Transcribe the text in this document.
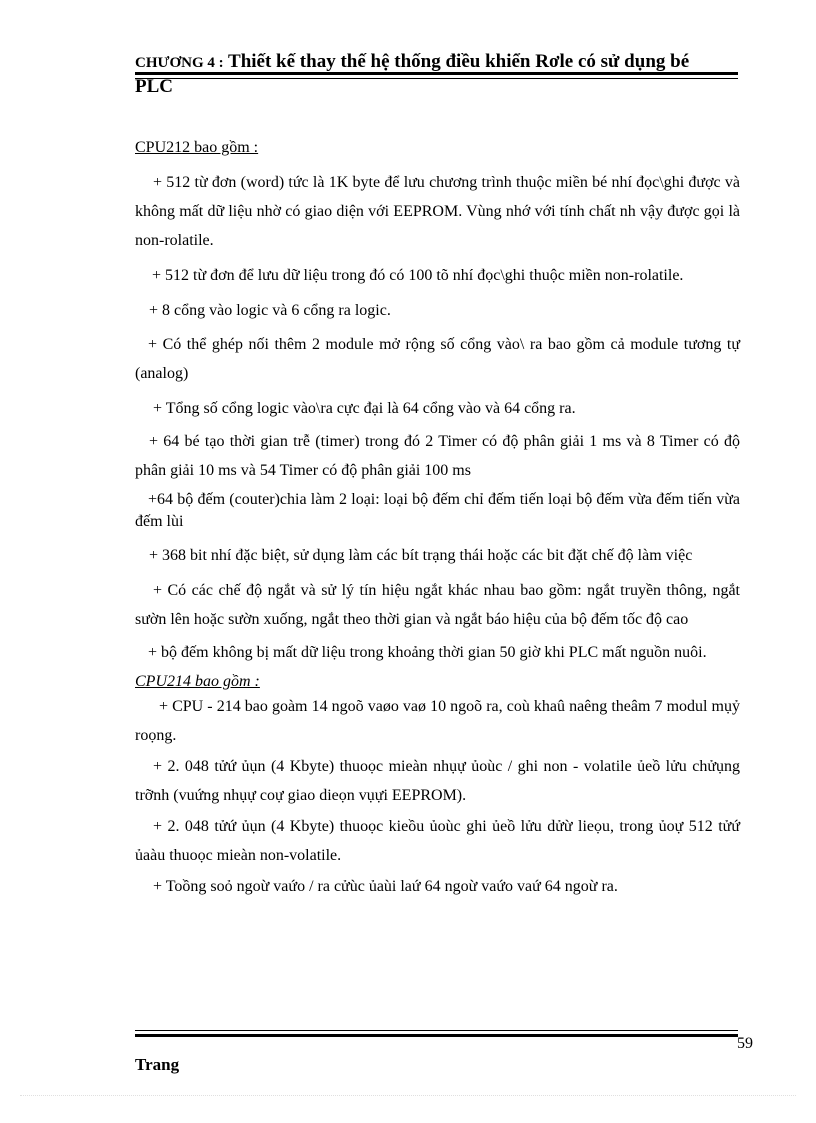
CHƯƠNG 4 : Thiết kế thay thế hệ thống điều khiển Rơle có sử dụng bé PLC

CPU212 bao gồm :

+ 512 từ đơn (word) tức là 1K byte để lưu chương trình thuộc miền bé nhí đọc\ghi được và không mất dữ liệu nhờ có giao diện với EEPROM. Vùng nhớ với tính chất nh vậy được gọi là non-rolatile.

+ 512 từ đơn để lưu dữ liệu trong đó có 100 tõ nhí đọc\ghi thuộc miền non-rolatile.

+ 8 cổng vào logic và 6 cổng ra logic.

+ Có thể ghép nối thêm 2 module mở rộng số cổng vào\ ra bao gồm cả module tương tự (analog)

+ Tổng số cổng logic vào\ra cực đại là 64 cổng vào và 64 cổng ra.

+ 64 bé tạo thời gian trễ (timer) trong đó 2 Timer có độ phân giải 1 ms và 8 Timer có độ phân giải 10 ms và 54 Timer có độ phân giải 100 ms

+64 bộ đếm (couter)chia làm 2 loại: loại bộ đếm chỉ đếm tiến loại bộ đếm vừa đếm tiến vừa đếm lùi

+ 368 bit nhí đặc biệt, sử dụng làm các bít trạng thái hoặc các bit đặt chế độ làm việc

+ Có các chế độ ngắt và sử lý tín hiệu ngắt khác nhau bao gồm: ngắt truyền thông, ngắt sườn lên hoặc sườn xuống, ngắt theo thời gian và ngắt báo hiệu của bộ đếm tốc độ cao

+ bộ đếm không bị mất dữ liệu trong khoảng thời gian 50 giờ khi PLC mất nguồn nuôi.

CPU214 bao gồm :

+ CPU - 214 bao goàm 14 ngoõ vaøo vaø 10 ngoõ ra, coù khaû naêng theâm 7 modul mụỷ roọng.

+ 2. 048 tửứ ủụn (4 Kbyte) thuoọc mieàn nhụự ủoùc / ghi non - volatile ủeồ lửu chửụng trỡnh (vuứng nhụự coự giao dieọn vụựi EEPROM).

+ 2. 048 tửứ ủụn (4 Kbyte) thuoọc kieồu ủoùc ghi ủeồ lửu dửừ lieọu, trong ủoự 512 tửứ ủaàu thuoọc mieàn non-volatile.

+ Toồng soỏ ngoừ vaứo / ra cửùc ủaùi laứ 64 ngoừ vaứo vaứ 64 ngoừ ra.

59
Trang
